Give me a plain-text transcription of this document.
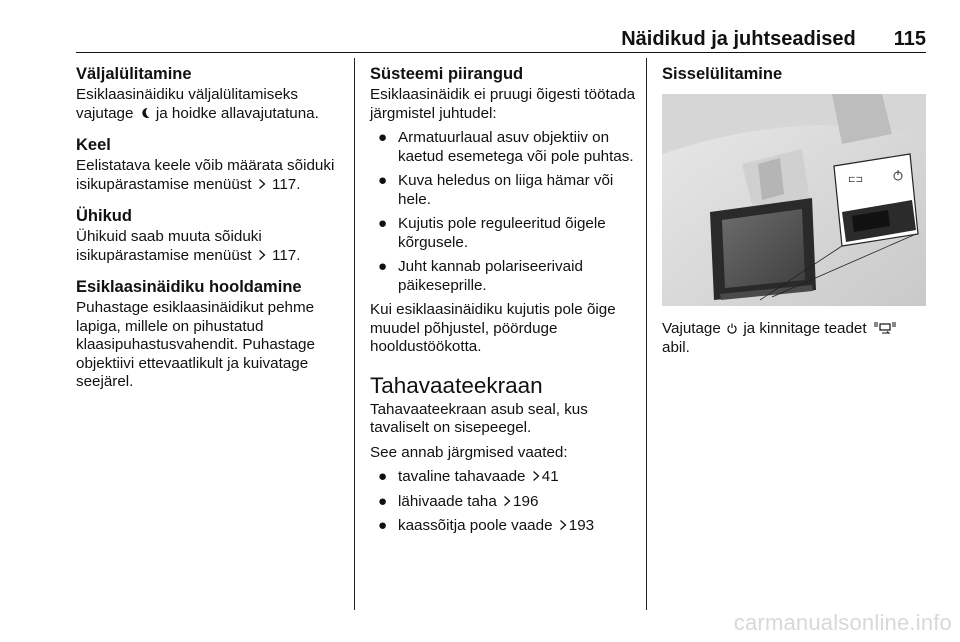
Näidikud ja juhtseadised 115
Väljalülitamine

Esiklaasinäidiku väljalülitamiseks vajutage ja hoidke allavajutatuna.

Keel

Eelistatava keele võib määrata sõiduki isikupärastamise menüüst 117.

Ühikud

Ühikuid saab muuta sõiduki isikupärastamise menüüst 117.

Esiklaasinäidiku hooldamine

Puhastage esiklaasinäidikut pehme lapiga, millele on pihustatud klaasipuhastusvahendit. Puhastage objektiivi ettevaatlikult ja kuivatage seejärel.

Süsteemi piirangud

Esiklaasinäidik ei pruugi õigesti töötada järgmistel juhtudel:

● Armatuurlaual asuv objektiiv on kaetud esemetega või pole puhtas.
● Kuva heledus on liiga hämar või hele.
● Kujutis pole reguleeritud õigele kõrgusele.
● Juht kannab polariseerivaid päikeseprille.

Kui esiklaasinäidiku kujutis pole õige muudel põhjustel, pöörduge hooldustöökotta.

Tahavaateekraan

Tahavaateekraan asub seal, kus tavaliselt on sisepeegel.

See annab järgmised vaated:

● tavaline tahavaade 41
● lähivaade taha 196
● kaassõitja poole vaade 193
Sisselülitamine
⊏⊐

Vajutage ja kinnitage teadet  abil.

carmanualsonline.info
